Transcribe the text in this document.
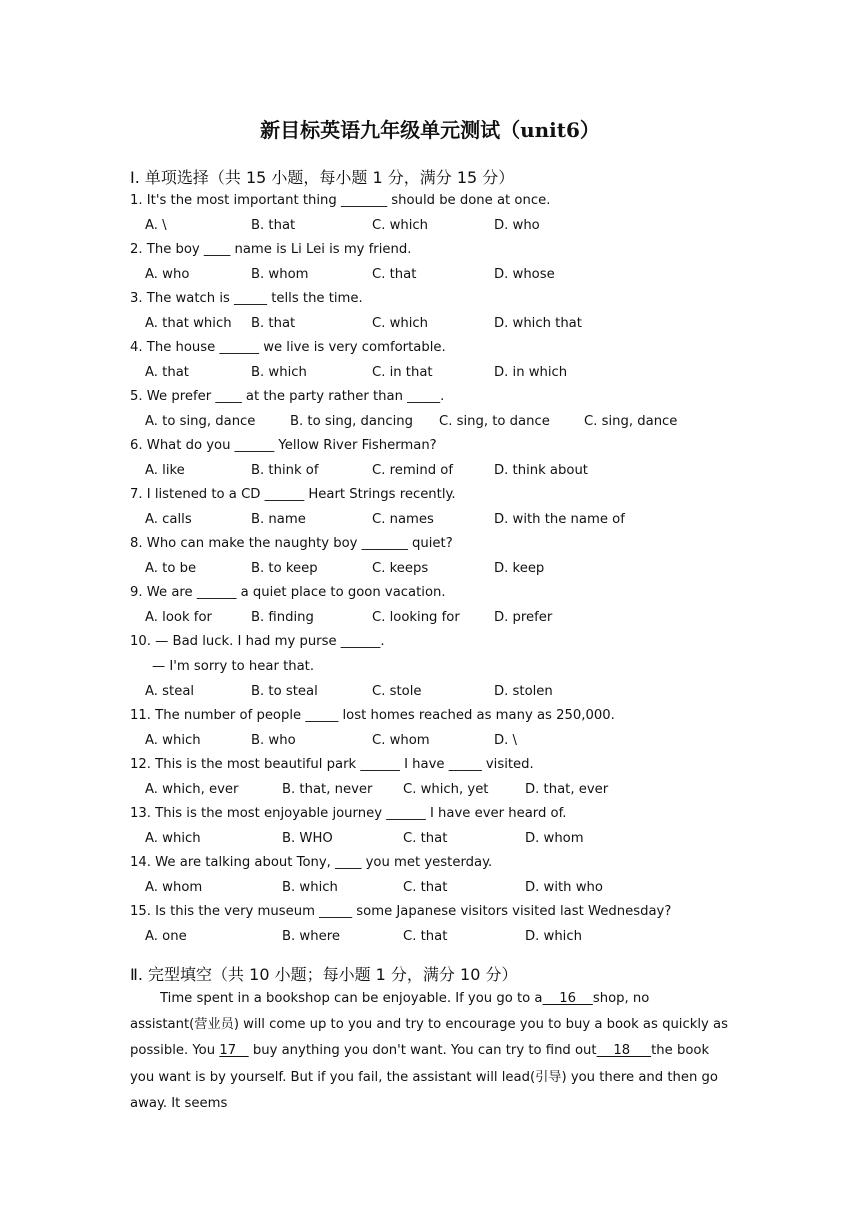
新目标英语九年级单元测试（unit6）
Ⅰ. 单项选择（共 15 小题，每小题 1 分，满分 15 分）
1. It's the most important thing _______ should be done at once.
A. \	B. that	C. which	D. who
2. The boy ____ name is Li Lei is my friend.
A. who	B. whom	C. that	D. whose
3. The watch is _____ tells the time.
A. that which B. that	C. which	D. which that
4. The house ______ we live is very comfortable.
A. that	B. which	C. in that	D. in which
5. We prefer ____ at the party rather than _____.
A. to sing, dance	B. to sing, dancing C. sing, to dance	C. sing, dance
6. What do you ______ Yellow River Fisherman?
A. like	B. think of	C. remind of	D. think about
7. I listened to a CD ______ Heart Strings recently.
A. calls	B. name	C. names	D. with the name of
8. Who can make the naughty boy _______ quiet?
A. to be	B. to keep	C. keeps	D. keep
9. We are ______ a quiet place to goon vacation.
A. look for	B. finding	C. looking for	D. prefer
10. — Bad luck. I had my purse ______.
— I'm sorry to hear that.
A. steal	B. to steal	C. stole	D. stolen
11. The number of people _____ lost homes reached as many as 250,000.
A. which	B. who	C. whom	D. \
12. This is the most beautiful park ______ I have _____ visited.
A. which, ever	B. that, never C. which, yet	D. that, ever
13. This is the most enjoyable journey ______ I have ever heard of.
A. which	B. WHO	C. that	D. whom
14. We are talking about Tony, ____ you met yesterday.
A. whom	B. which	C. that	D. with who
15. Is this the very museum _____ some Japanese visitors visited last Wednesday?
A. one	B. where	C. that	D. which
Ⅱ. 完型填空（共 10 小题；每小题 1 分，满分 10 分）

Time spent in a bookshop can be enjoyable. If you go to a    16    shop, no assistant(营业员) will come up to you and try to encourage you to buy a book as quickly as possible. You 17    buy anything you don't want. You can try to find out    18     the book you want is by yourself. But if you fail, the assistant will lead(引导) you there and then go away. It seems
